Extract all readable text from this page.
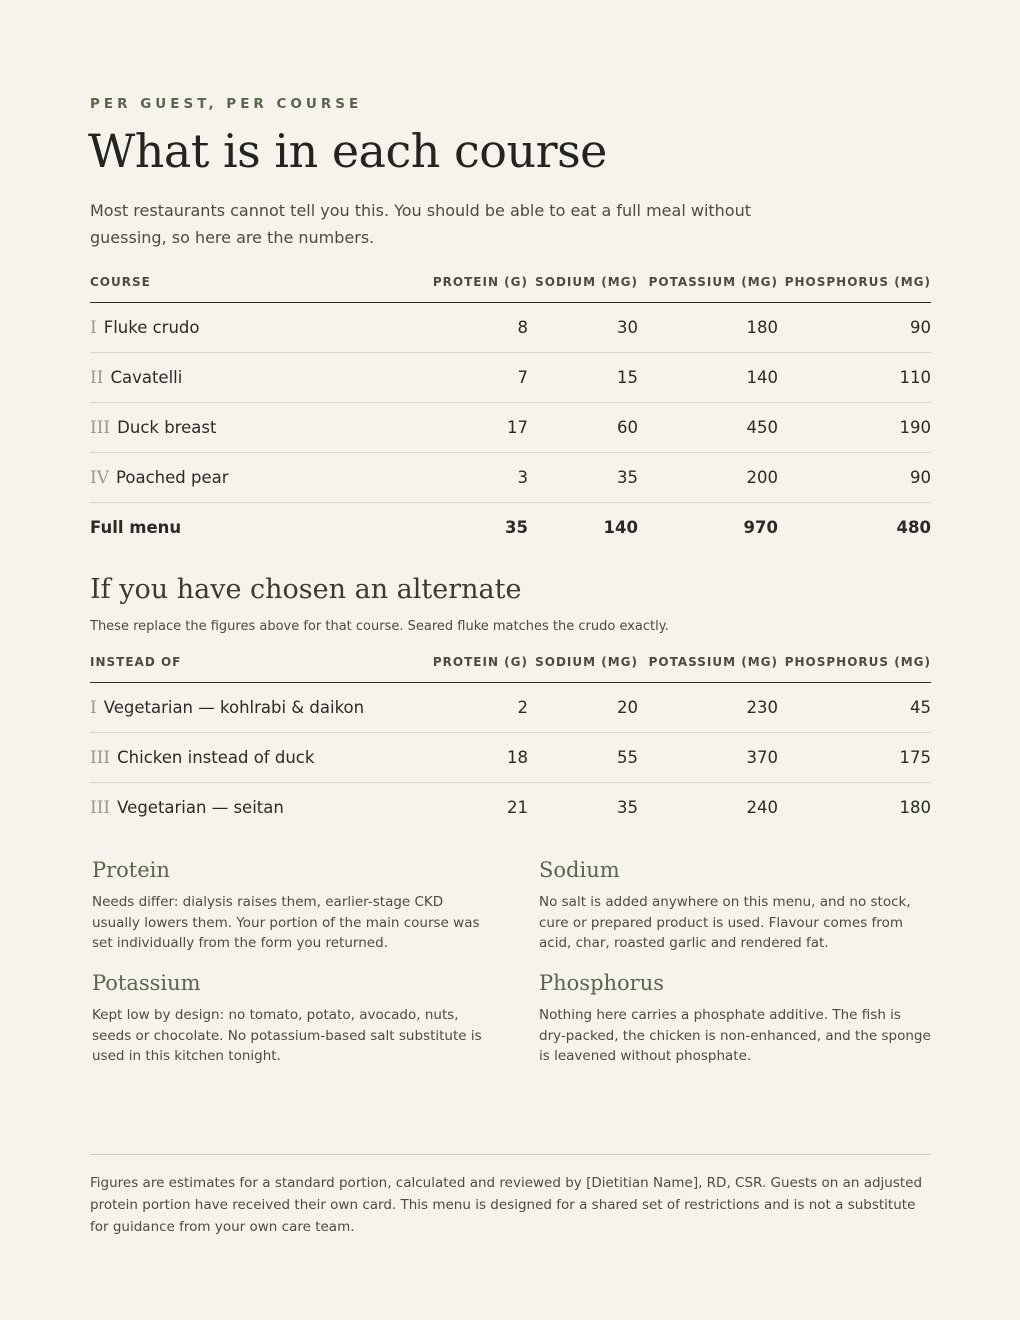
PER GUEST, PER COURSE
What is in each course

Most restaurants cannot tell you this. You should be able to eat a full meal without guessing, so here are the numbers.

COURSE	PROTEIN (G)	SODIUM (MG)	POTASSIUM (MG)	PHOSPHORUS (MG)
I Fluke crudo	8	30	180	90
II Cavatelli	7	15	140	110
III Duck breast	17	60	450	190
IV Poached pear	3	35	200	90
Full menu	35	140	970	480
If you have chosen an alternate

These replace the figures above for that course. Seared fluke matches the crudo exactly.

INSTEAD OF	PROTEIN (G)	SODIUM (MG)	POTASSIUM (MG)	PHOSPHORUS (MG)
I Vegetarian — kohlrabi & daikon	2	20	230	45
III Chicken instead of duck	18	55	370	175
III Vegetarian — seitan	21	35	240	180
Protein

Needs differ: dialysis raises them, earlier-stage CKD usually lowers them. Your portion of the main course was set individually from the form you returned.

Sodium

No salt is added anywhere on this menu, and no stock, cure or prepared product is used. Flavour comes from acid, char, roasted garlic and rendered fat.

Potassium

Kept low by design: no tomato, potato, avocado, nuts, seeds or chocolate. No potassium-based salt substitute is used in this kitchen tonight.

Phosphorus

Nothing here carries a phosphate additive. The fish is dry-packed, the chicken is non-enhanced, and the sponge is leavened without phosphate.

Figures are estimates for a standard portion, calculated and reviewed by [Dietitian Name], RD, CSR. Guests on an adjusted protein portion have received their own card. This menu is designed for a shared set of restrictions and is not a substitute for guidance from your own care team.
